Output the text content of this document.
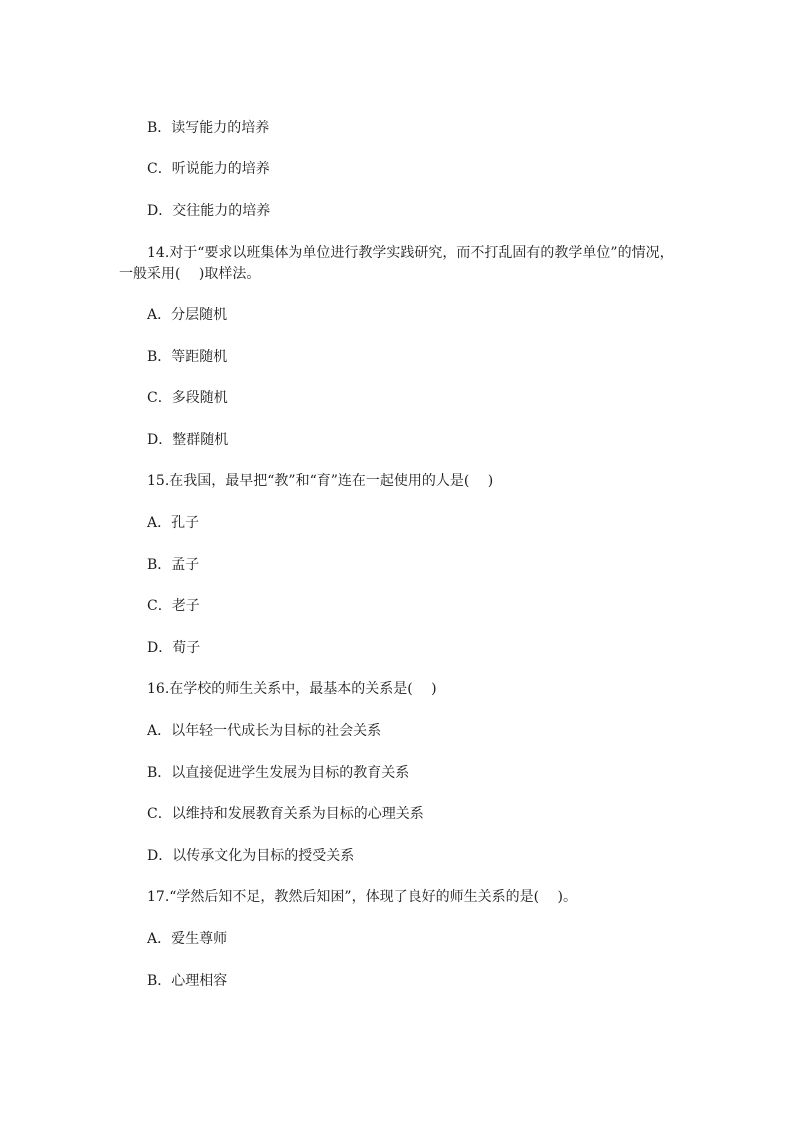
B．读写能力的培养
C．听说能力的培养
D．交往能力的培养
14.对于“要求以班集体为单位进行教学实践研究，而不打乱固有的教学单位”的情况，
一般采用(　 )取样法。
A．分层随机
B．等距随机
C．多段随机
D．整群随机
15.在我国，最早把“教”和“育”连在一起使用的人是(　 )
A．孔子
B．孟子
C．老子
D．荀子
16.在学校的师生关系中，最基本的关系是(　 )
A．以年轻一代成长为目标的社会关系
B．以直接促进学生发展为目标的教育关系
C．以维持和发展教育关系为目标的心理关系
D．以传承文化为目标的授受关系
17.“学然后知不足，教然后知困”，体现了良好的师生关系的是(　 )。
A．爱生尊师
B．心理相容
